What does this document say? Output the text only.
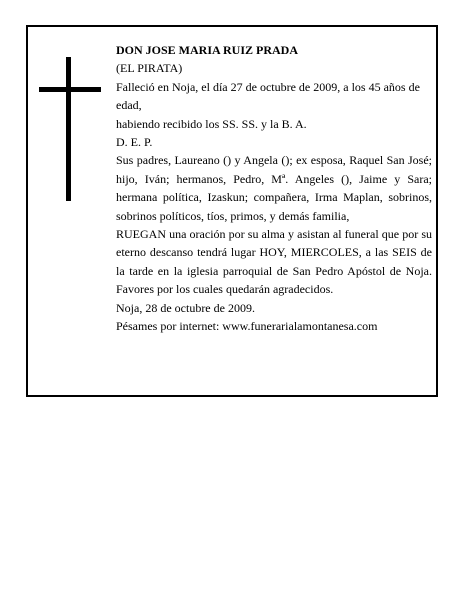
DON JOSE MARIA RUIZ PRADA

(EL PIRATA)

Falleció en Noja, el día 27 de octubre de 2009, a los 45 años de edad,

habiendo recibido los SS. SS. y la B. A.

D. E. P.

Sus padres, Laureano () y Angela (); ex esposa, Raquel San José; hijo, Iván; hermanos, Pedro, Mª. Angeles (), Jaime y Sara; hermana política, Izaskun; compañera, Irma Maplan, sobrinos, sobrinos políticos, tíos, primos, y demás familia,

RUEGAN una oración por su alma y asistan al funeral que por su eterno descanso tendrá lugar HOY, MIERCOLES, a las SEIS de la tarde en la iglesia parroquial de San Pedro Apóstol de Noja. Favores por los cuales quedarán agradecidos.

Noja, 28 de octubre de 2009.

Pésames por internet: www.funerarialamontanesa.com
